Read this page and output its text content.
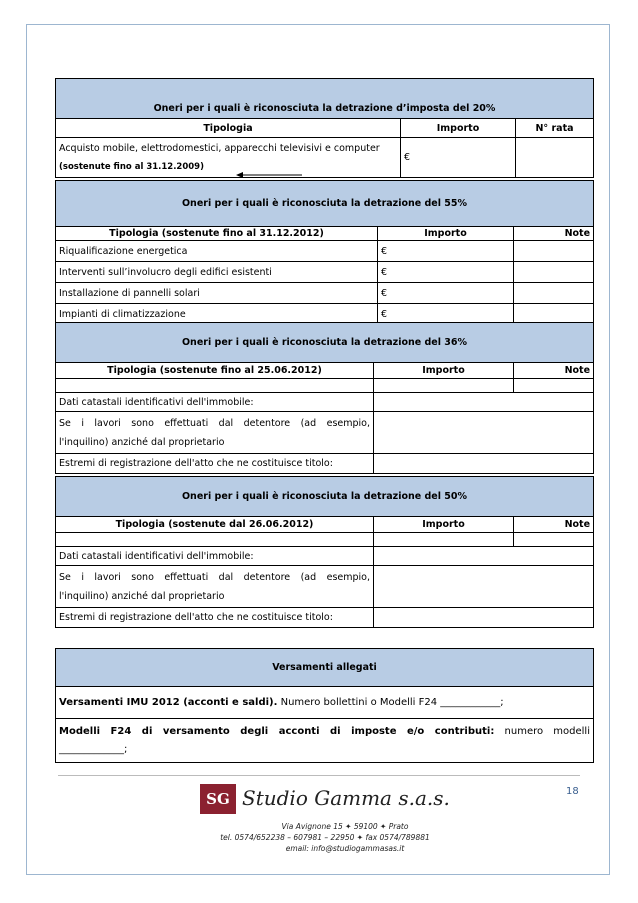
Oneri per i quali è riconosciuta la detrazione d’imposta del 20%		
Tipologia	Importo	N° rata

Acquisto mobile, elettrodomestici, apparecchi televisivi e computer
(sostenute fino al 31.12.2009)	€	
Oneri per i quali è riconosciuta la detrazione del 55%		
Tipologia (sostenute fino al 31.12.2012)	Importo	Note
Riqualificazione energetica	€	
Interventi sull’involucro degli edifici esistenti	€	
Installazione di pannelli solari	€	
Impianti di climatizzazione	€	
Oneri per i quali è riconosciuta la detrazione del 36%		
Tipologia (sostenute fino al 25.06.2012)	Importo	Note

Dati catastali identificativi dell'immobile:		

Se i lavori sono effettuati dal detentore (ad esempio,
l'inquilino) anziché dal proprietario		

Estremi di registrazione dell'atto che ne costituisce titolo:		
Oneri per i quali è riconosciuta la detrazione del 50%		
Tipologia (sostenute dal 26.06.2012)	Importo	Note

Dati catastali identificativi dell'immobile:		

Se i lavori sono effettuati dal detentore (ad esempio,
l'inquilino) anziché dal proprietario		

Estremi di registrazione dell'atto che ne costituisce titolo:		
Versamenti allegati
Versamenti IMU 2012 (acconti e saldi). Numero bollettini o Modelli F24 ____________;

Modelli F24 di versamento degli acconti di imposte e/o contributi: numero modelli
_____________;
18
SG Studio Gamma s.a.s.
Via Avignone 15 ✦ 59100 ✦ Prato
tel. 0574/652238 – 607981 – 22950 ✦ fax 0574/789881
email: info@studiogammasas.it
